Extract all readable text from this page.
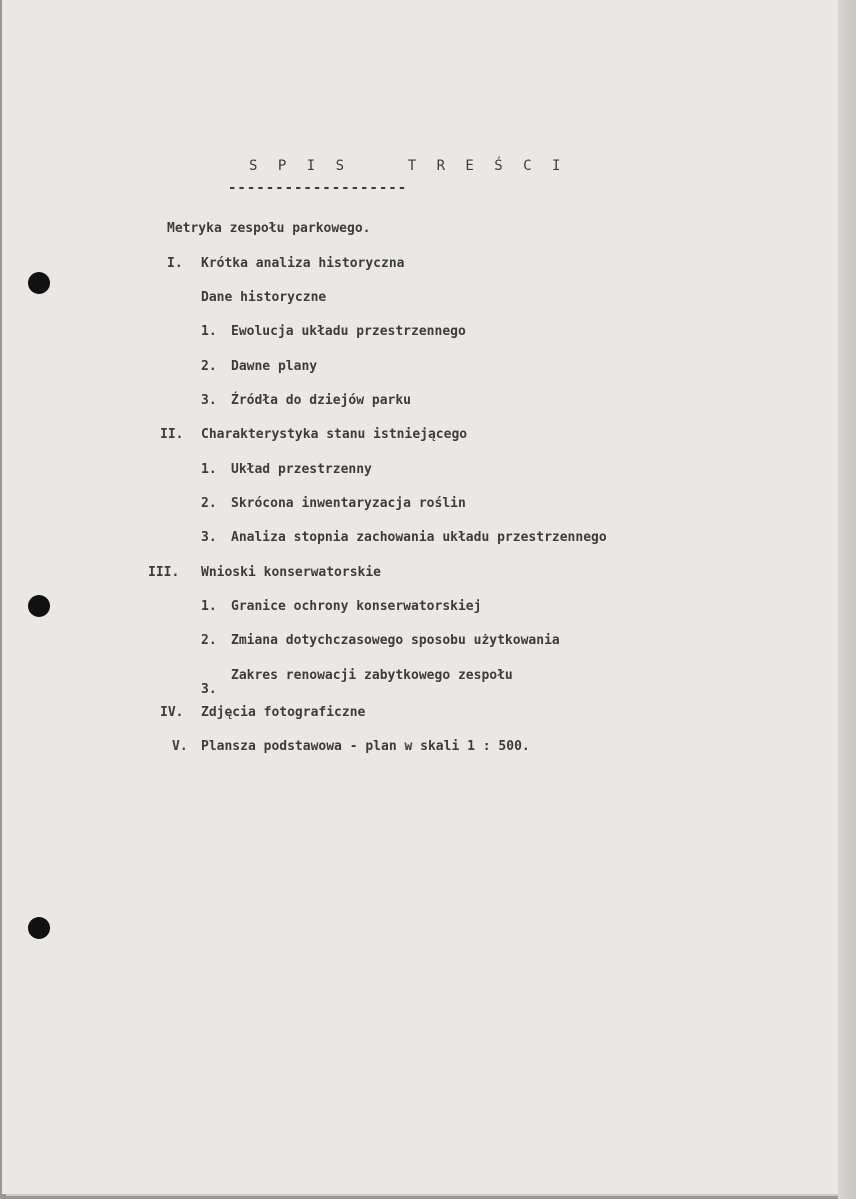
S P I S    T R E Ś C I
-------------------
Metryka zespołu parkowego.
I. Krótka analiza historyczna
Dane historyczne
1. Ewolucja układu przestrzennego
2. Dawne plany
3. Źródła do dziejów parku
II. Charakterystyka stanu istniejącego
1. Układ przestrzenny
2. Skrócona inwentaryzacja roślin
3. Analiza stopnia zachowania układu przestrzennego
III. Wnioski konserwatorskie
1. Granice ochrony konserwatorskiej
2. Zmiana dotychczasowego sposobu użytkowania
3.Zakres renowacji zabytkowego zespołu
IV. Zdjęcia fotograficzne
V. Plansza podstawowa - plan w skali 1 : 500.
